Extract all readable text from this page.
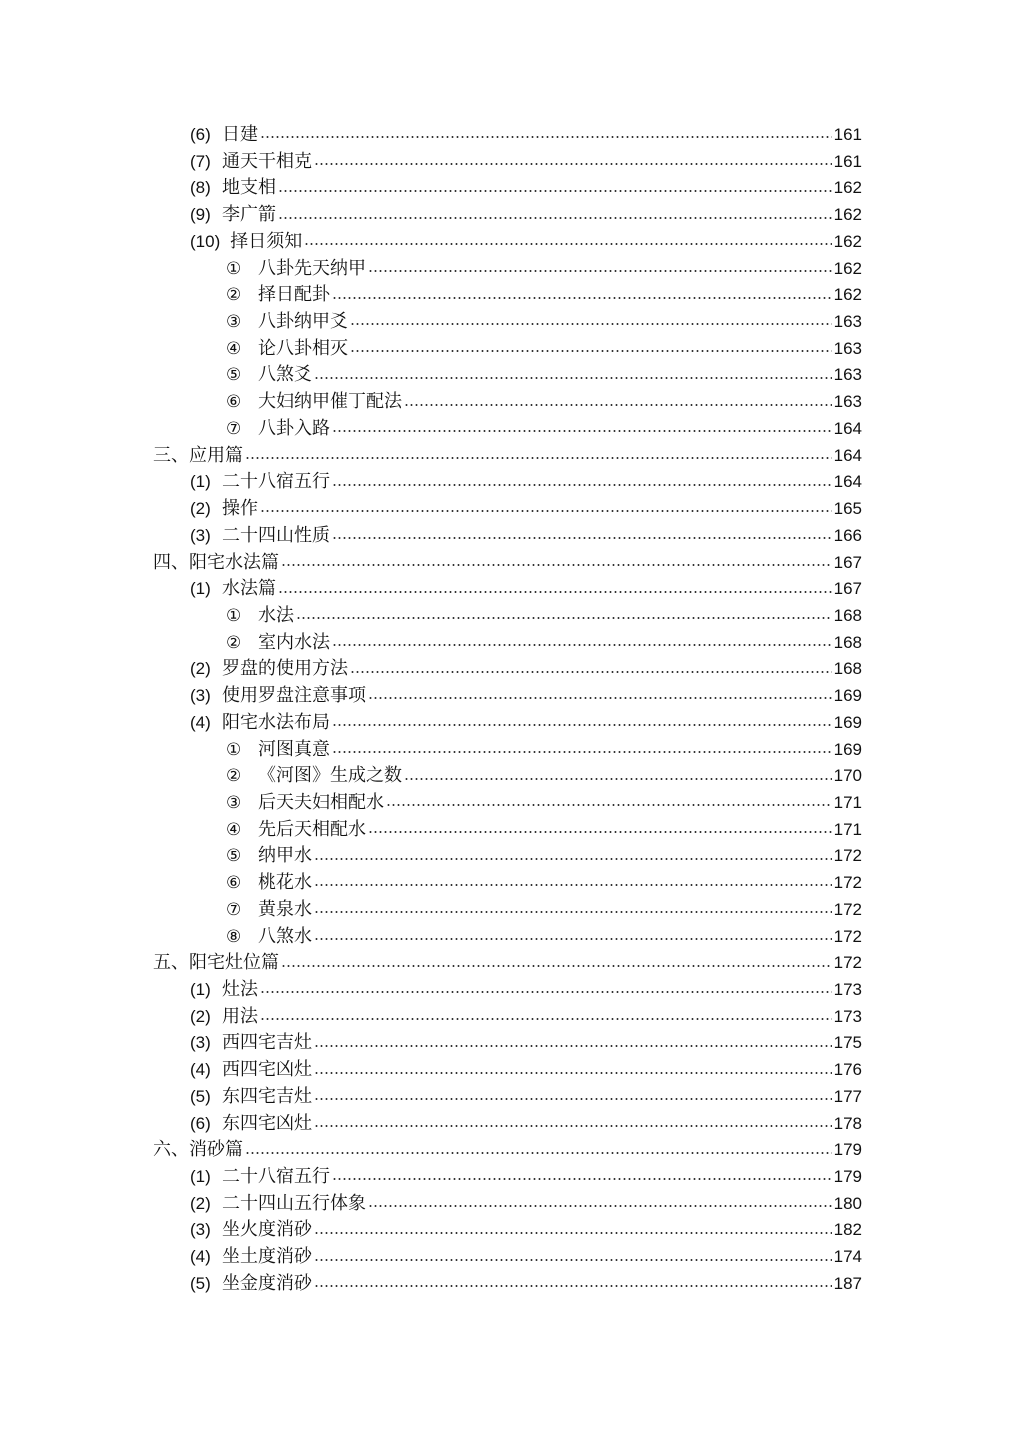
(6) 日建	161
(7) 通天干相克	161
(8) 地支相	162
(9) 李广箭	162
(10) 择日须知	162
① 八卦先天纳甲	162
② 择日配卦	162
③ 八卦纳甲爻	163
④ 论八卦相灭	163
⑤ 八煞爻	163
⑥ 大妇纳甲催丁配法	163
⑦ 八卦入路	164
三、应用篇	164
(1) 二十八宿五行	164
(2) 操作	165
(3) 二十四山性质	166
四、阳宅水法篇	167
(1) 水法篇	167
① 水法	168
② 室内水法	168
(2) 罗盘的使用方法	168
(3) 使用罗盘注意事项	169
(4) 阳宅水法布局	169
① 河图真意	169
② 《河图》生成之数	170
③ 后天夫妇相配水	171
④ 先后天相配水	171
⑤ 纳甲水	172
⑥ 桃花水	172
⑦ 黄泉水	172
⑧ 八煞水	172
五、阳宅灶位篇	172
(1) 灶法	173
(2) 用法	173
(3) 西四宅吉灶	175
(4) 西四宅凶灶	176
(5) 东四宅吉灶	177
(6) 东四宅凶灶	178
六、消砂篇	179
(1) 二十八宿五行	179
(2) 二十四山五行体象	180
(3) 坐火度消砂	182
(4) 坐土度消砂	174
(5) 坐金度消砂	187
